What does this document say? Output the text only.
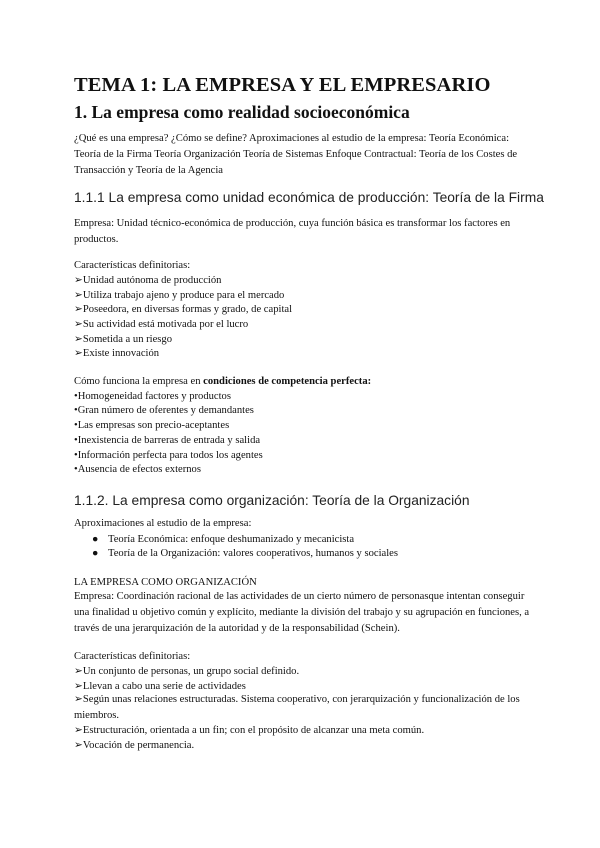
TEMA 1: LA EMPRESA Y EL EMPRESARIO
1. La empresa como realidad socioeconómica
¿Qué es una empresa? ¿Cómo se define? Aproximaciones al estudio de la empresa: Teoría Económica: Teoría de la Firma Teoría Organización Teoría de Sistemas Enfoque Contractual: Teoría de los Costes de Transacción y Teoría de la Agencia
1.1.1 La empresa como unidad económica de producción: Teoría de la Firma
Empresa: Unidad técnico-económica de producción, cuya función básica es transformar los factores en productos.
Características definitorias:
➢Unidad autónoma de producción
➢Utiliza trabajo ajeno y produce para el mercado
➢Poseedora, en diversas formas y grado, de capital
➢Su actividad está motivada por el lucro
➢Sometida a un riesgo
➢Existe innovación
Cómo funciona la empresa en condiciones de competencia perfecta:
•Homogeneidad factores y productos
•Gran número de oferentes y demandantes
•Las empresas son precio-aceptantes
•Inexistencia de barreras de entrada y salida
•Información perfecta para todos los agentes
•Ausencia de efectos externos
1.1.2. La empresa como organización: Teoría de la Organización
Aproximaciones al estudio de la empresa:
● Teoría Económica: enfoque deshumanizado y mecanicista
● Teoría de la Organización: valores cooperativos, humanos y sociales
LA EMPRESA COMO ORGANIZACIÓN
Empresa: Coordinación racional de las actividades de un cierto número de personasque intentan conseguir una finalidad u objetivo común y explícito, mediante la división del trabajo y su agrupación en funciones, a través de una jerarquización de la autoridad y de la responsabilidad (Schein).
Características definitorias:
➢Un conjunto de personas, un grupo social definido.
➢Llevan a cabo una serie de actividades
➢Según unas relaciones estructuradas. Sistema cooperativo, con jerarquización y funcionalización de los miembros.
➢Estructuración, orientada a un fin; con el propósito de alcanzar una meta común.
➢Vocación de permanencia.
